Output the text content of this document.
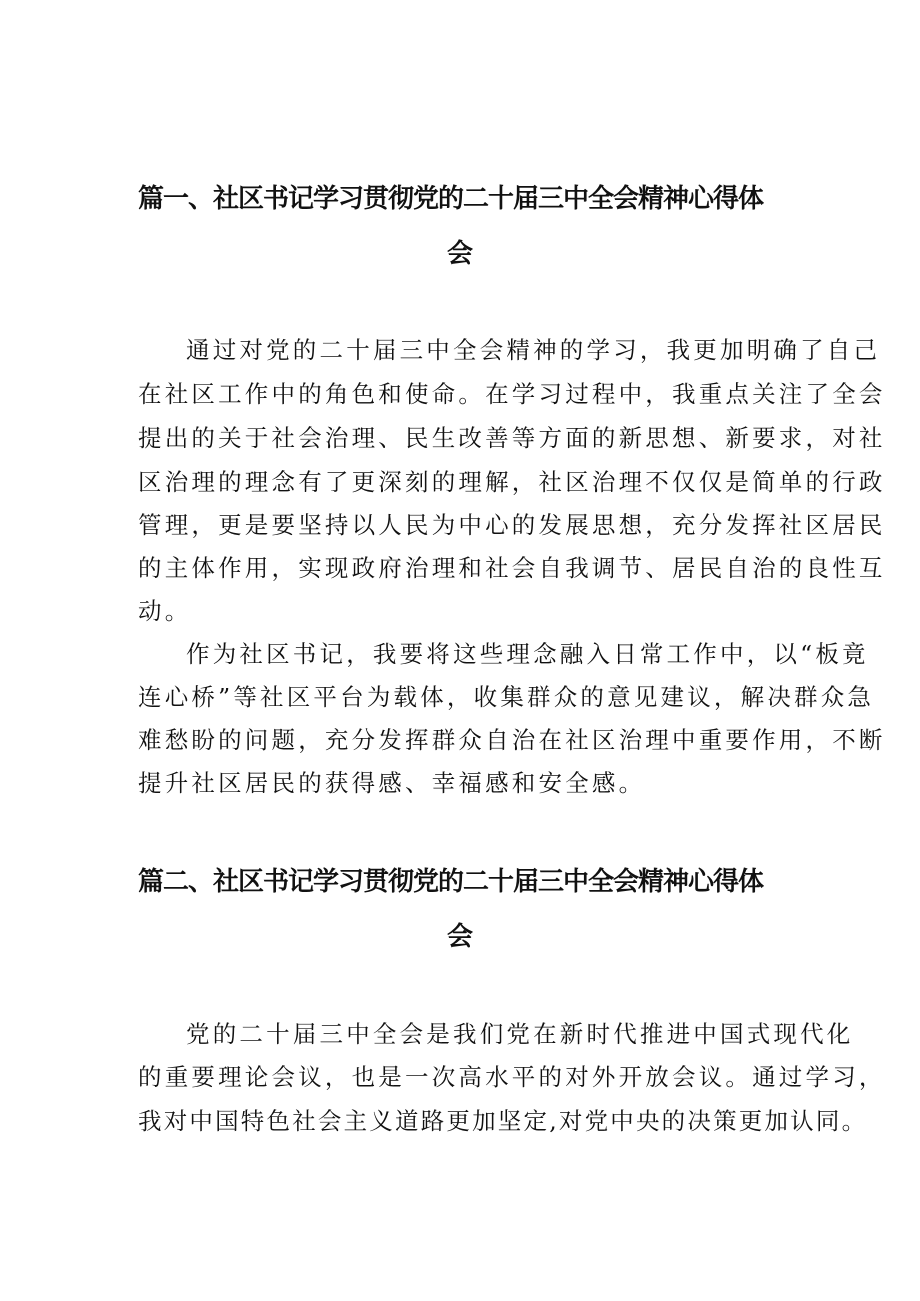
篇一、社区书记学习贯彻党的二十届三中全会精神心得体
会
通过对党的二十届三中全会精神的学习，我更加明确了自己
在社区工作中的角色和使命。在学习过程中，我重点关注了全会
提出的关于社会治理、民生改善等方面的新思想、新要求，对社
区治理的理念有了更深刻的理解，社区治理不仅仅是简单的行政
管理，更是要坚持以人民为中心的发展思想，充分发挥社区居民
的主体作用，实现政府治理和社会自我调节、居民自治的良性互
动。
作为社区书记，我要将这些理念融入日常工作中，以“板竟
连心桥”等社区平台为载体，收集群众的意见建议，解决群众急
难愁盼的问题，充分发挥群众自治在社区治理中重要作用，不断
提升社区居民的获得感、幸福感和安全感。
篇二、社区书记学习贯彻党的二十届三中全会精神心得体
会
党的二十届三中全会是我们党在新时代推进中国式现代化
的重要理论会议，也是一次高水平的对外开放会议。通过学习，
我对中国特色社会主义道路更加坚定,对党中央的决策更加认同。
